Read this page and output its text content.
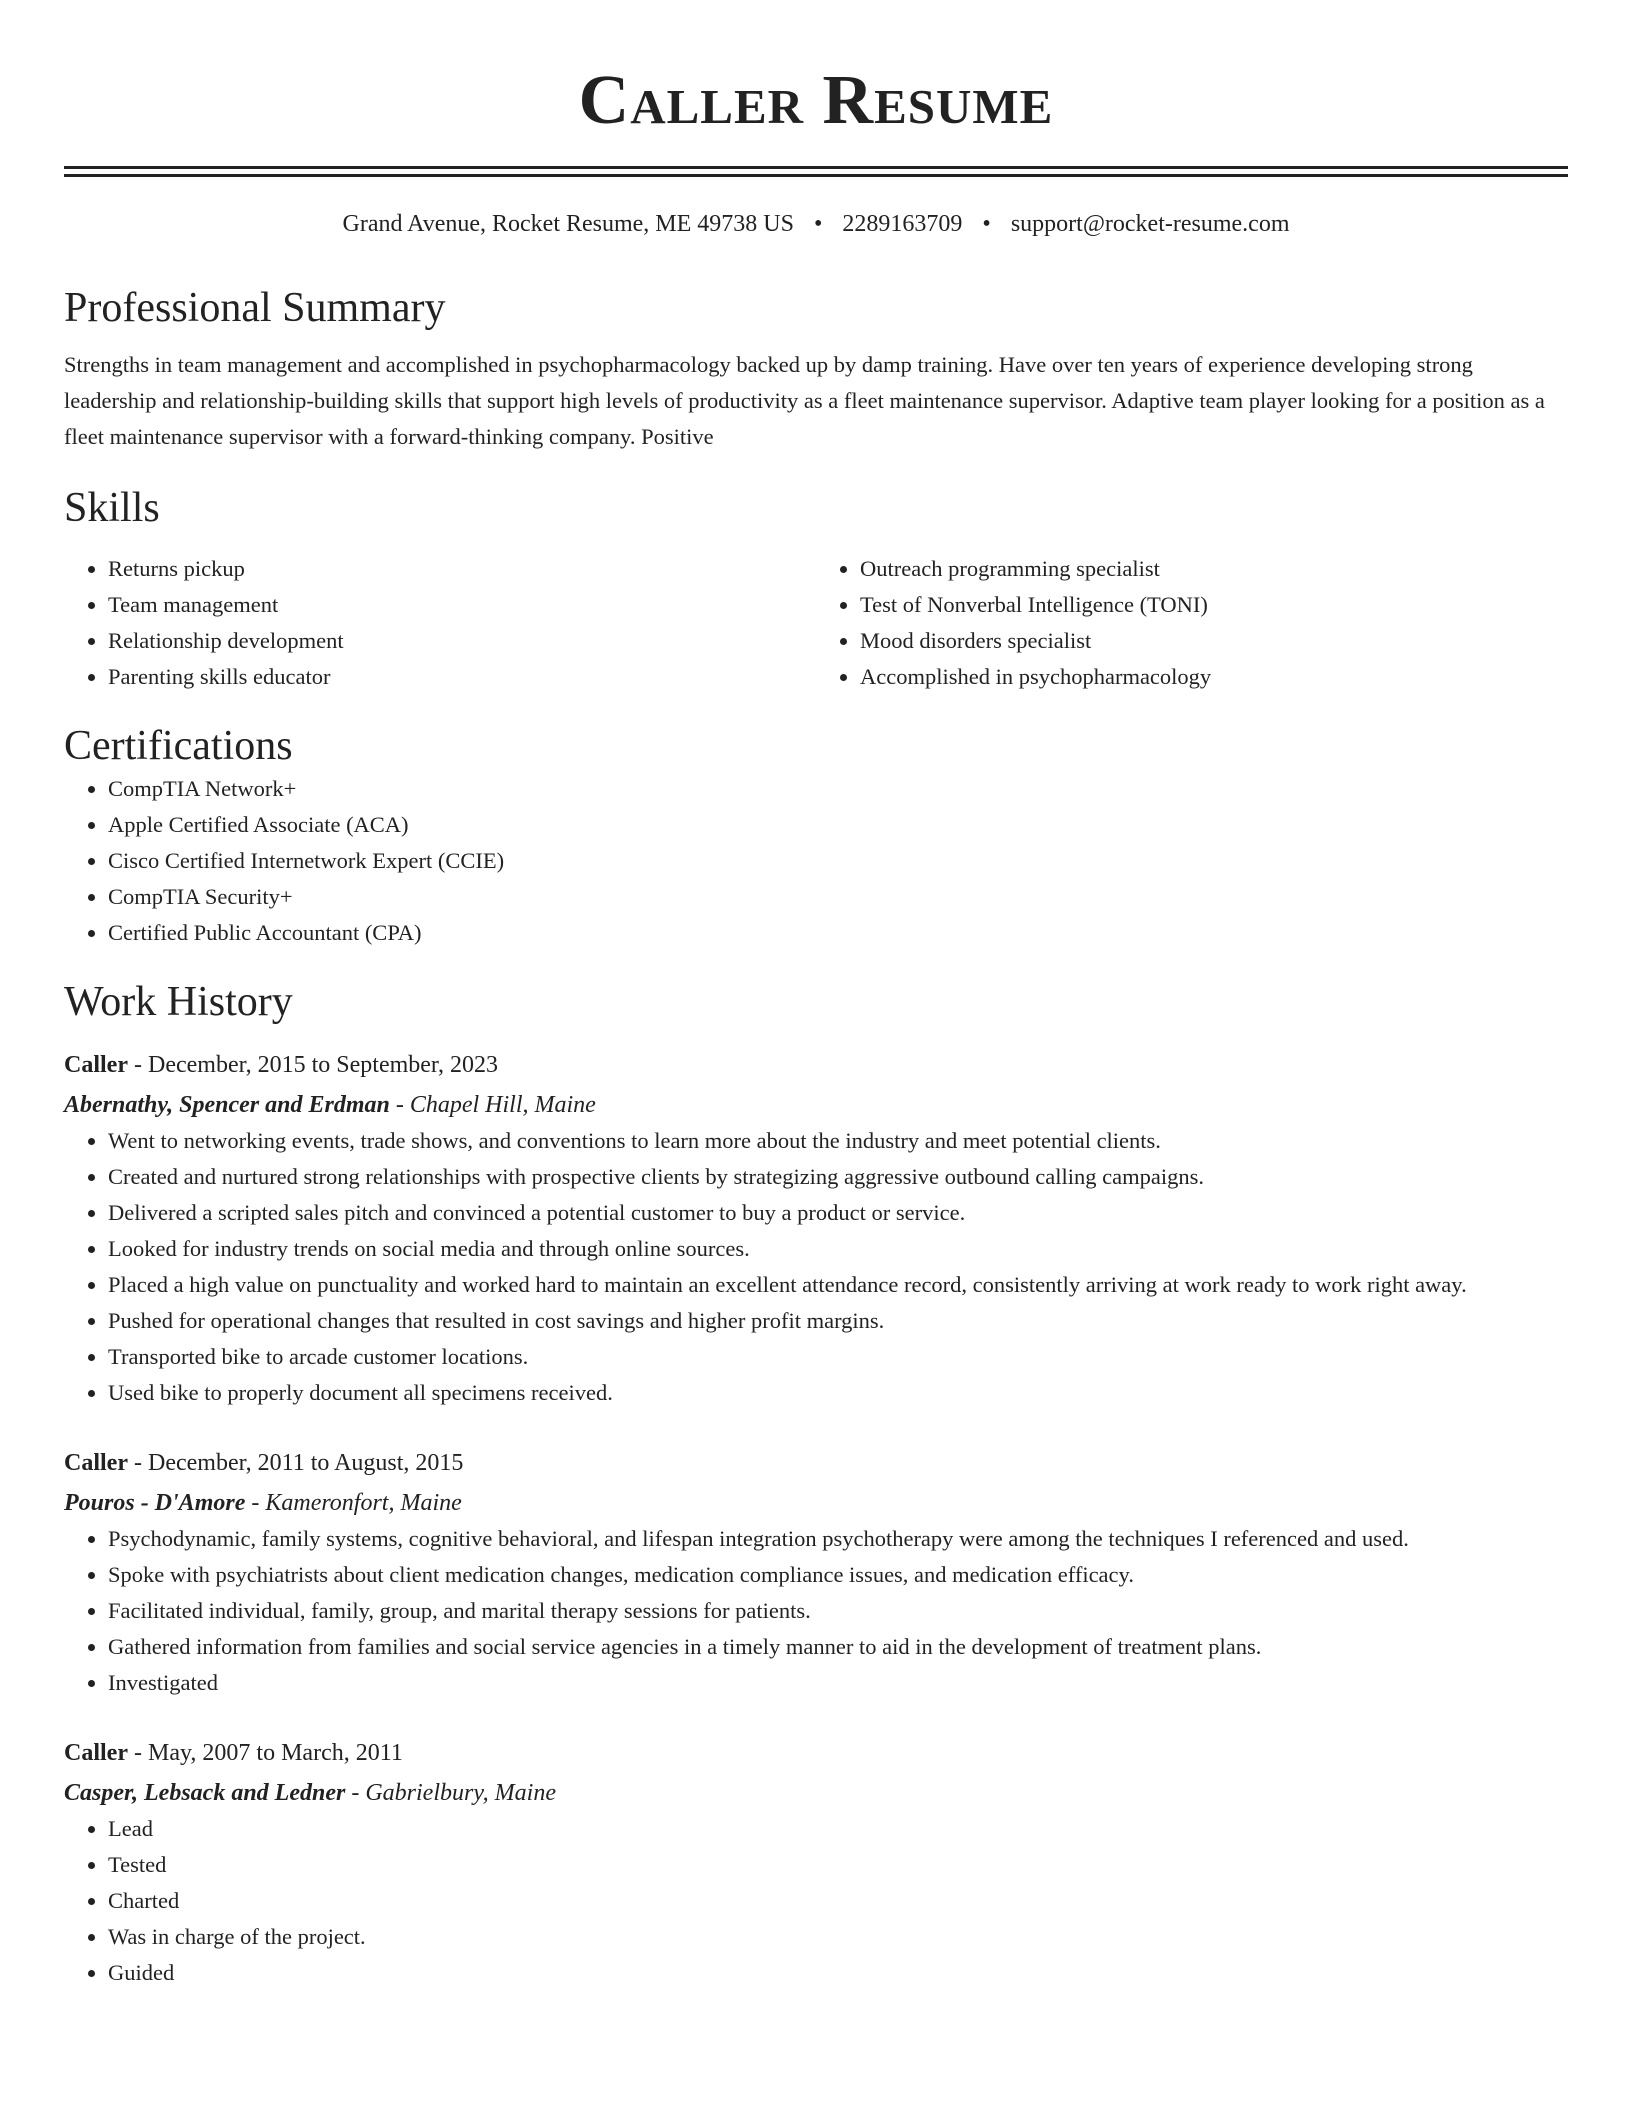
Caller Resume
Grand Avenue, Rocket Resume, ME 49738 US • 2289163709 • support@rocket-resume.com
Professional Summary

Strengths in team management and accomplished in psychopharmacology backed up by damp training. Have over ten years of experience developing strong leadership and relationship-building skills that support high levels of productivity as a fleet maintenance supervisor. Adaptive team player looking for a position as a fleet maintenance supervisor with a forward-thinking company. Positive

Skills
• Returns pickup
• Team management
• Relationship development
• Parenting skills educator
• Outreach programming specialist
• Test of Nonverbal Intelligence (TONI)
• Mood disorders specialist
• Accomplished in psychopharmacology
Certifications
• CompTIA Network+
• Apple Certified Associate (ACA)
• Cisco Certified Internetwork Expert (CCIE)
• CompTIA Security+
• Certified Public Accountant (CPA)
Work History
Caller - December, 2015 to September, 2023
Abernathy, Spencer and Erdman - Chapel Hill, Maine
• Went to networking events, trade shows, and conventions to learn more about the industry and meet potential clients.
• Created and nurtured strong relationships with prospective clients by strategizing aggressive outbound calling campaigns.
• Delivered a scripted sales pitch and convinced a potential customer to buy a product or service.
• Looked for industry trends on social media and through online sources.
• Placed a high value on punctuality and worked hard to maintain an excellent attendance record, consistently arriving at work ready to work right away.
• Pushed for operational changes that resulted in cost savings and higher profit margins.
• Transported bike to arcade customer locations.
• Used bike to properly document all specimens received.
Caller - December, 2011 to August, 2015
Pouros - D'Amore - Kameronfort, Maine
• Psychodynamic, family systems, cognitive behavioral, and lifespan integration psychotherapy were among the techniques I referenced and used.
• Spoke with psychiatrists about client medication changes, medication compliance issues, and medication efficacy.
• Facilitated individual, family, group, and marital therapy sessions for patients.
• Gathered information from families and social service agencies in a timely manner to aid in the development of treatment plans.
• Investigated
Caller - May, 2007 to March, 2011
Casper, Lebsack and Ledner - Gabrielbury, Maine
• Lead
• Tested
• Charted
• Was in charge of the project.
• Guided
